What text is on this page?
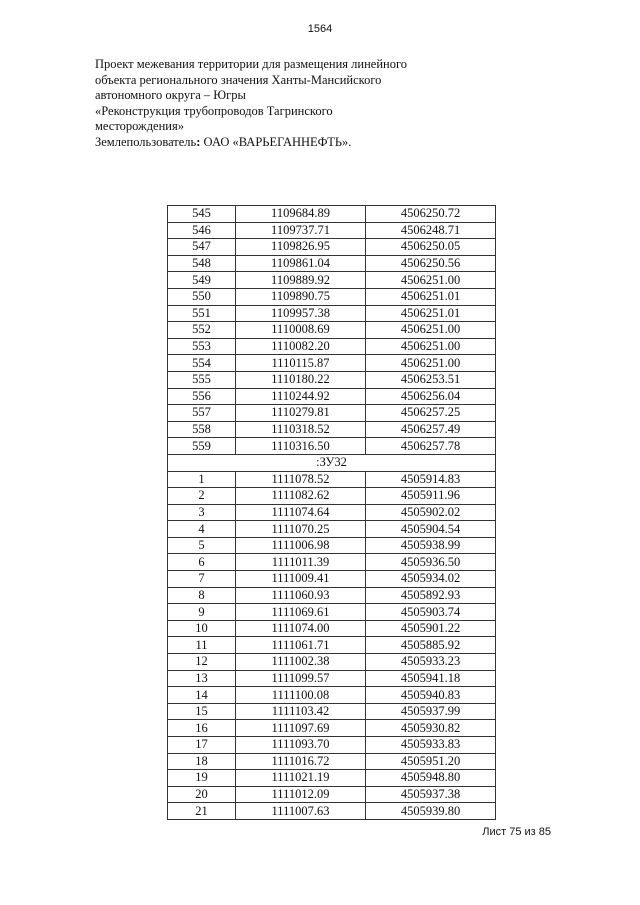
1564
Проект межевания территории для размещения линейного
объекта регионального значения Ханты-Мансийского
автономного округа – Югры
«Реконструкция трубопроводов Тагринского
месторождения»
Землепользователь: ОАО «ВАРЬЕГАННЕФТЬ».
545	1109684.89	4506250.72
546	1109737.71	4506248.71
547	1109826.95	4506250.05
548	1109861.04	4506250.56
549	1109889.92	4506251.00
550	1109890.75	4506251.01
551	1109957.38	4506251.01
552	1110008.69	4506251.00
553	1110082.20	4506251.00
554	1110115.87	4506251.00
555	1110180.22	4506253.51
556	1110244.92	4506256.04
557	1110279.81	4506257.25
558	1110318.52	4506257.49
559	1110316.50	4506257.78
:ЗУ32		
1	1111078.52	4505914.83
2	1111082.62	4505911.96
3	1111074.64	4505902.02
4	1111070.25	4505904.54
5	1111006.98	4505938.99
6	1111011.39	4505936.50
7	1111009.41	4505934.02
8	1111060.93	4505892.93
9	1111069.61	4505903.74
10	1111074.00	4505901.22
11	1111061.71	4505885.92
12	1111002.38	4505933.23
13	1111099.57	4505941.18
14	1111100.08	4505940.83
15	1111103.42	4505937.99
16	1111097.69	4505930.82
17	1111093.70	4505933.83
18	1111016.72	4505951.20
19	1111021.19	4505948.80
20	1111012.09	4505937.38
21	1111007.63	4505939.80
Лист 75 из 85
